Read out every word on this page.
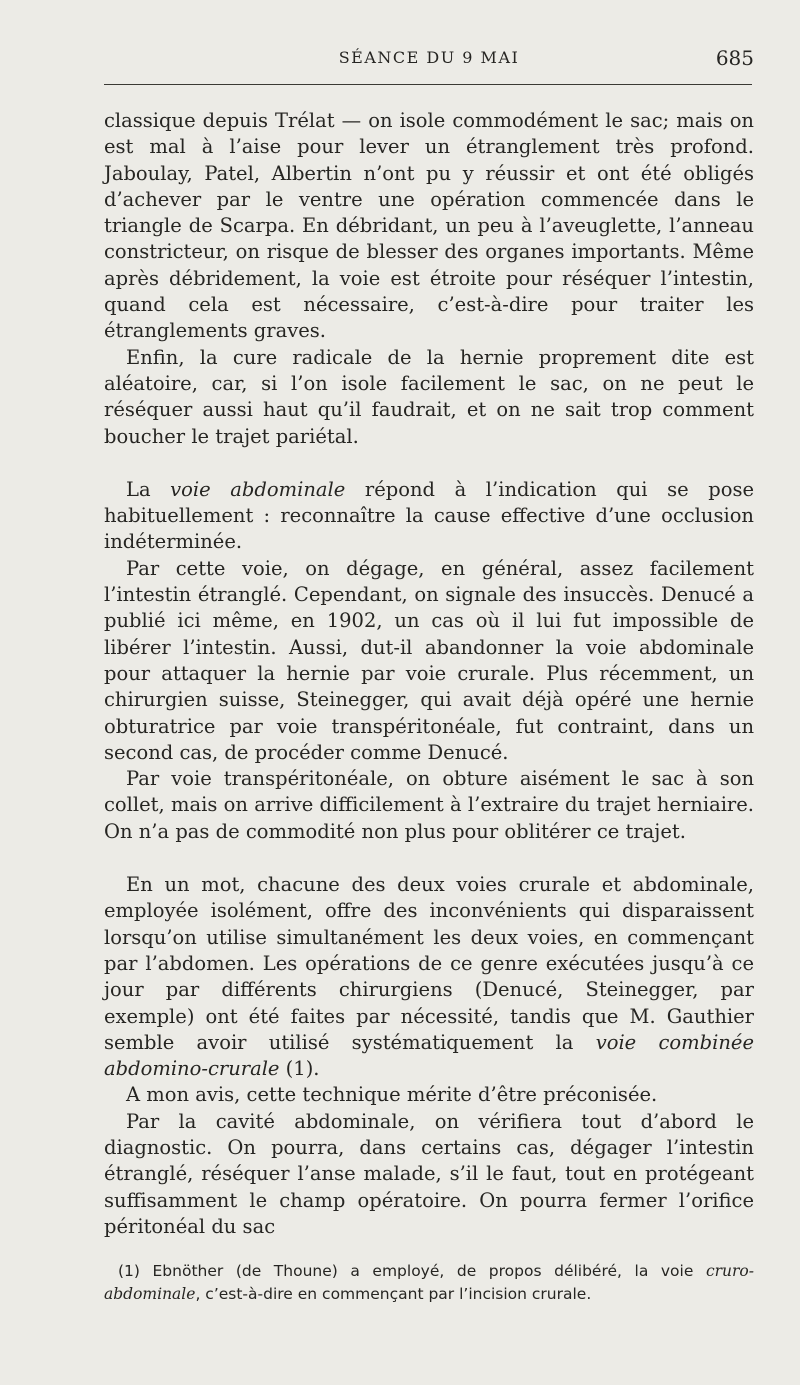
SÉANCE DU 9 MAI	685

classique depuis Trélat — on isole commodément le sac; mais on est mal à l’aise pour lever un étranglement très profond. Jaboulay, Patel, Albertin n’ont pu y réussir et ont été obligés d’achever par le ventre une opération commencée dans le triangle de Scarpa. En débridant, un peu à l’aveuglette, l’anneau constricteur, on risque de blesser des organes importants. Même après débridement, la voie est étroite pour réséquer l’intestin, quand cela est nécessaire, c’est-à-dire pour traiter les étranglements graves.

Enfin, la cure radicale de la hernie proprement dite est aléatoire, car, si l’on isole facilement le sac, on ne peut le réséquer aussi haut qu’il faudrait, et on ne sait trop comment boucher le trajet pariétal.

La voie abdominale répond à l’indication qui se pose habituellement : reconnaître la cause effective d’une occlusion indéterminée.

Par cette voie, on dégage, en général, assez facilement l’intestin étranglé. Cependant, on signale des insuccès. Denucé a publié ici même, en 1902, un cas où il lui fut impossible de libérer l’intestin. Aussi, dut-il abandonner la voie abdominale pour attaquer la hernie par voie crurale. Plus récemment, un chirurgien suisse, Steinegger, qui avait déjà opéré une hernie obturatrice par voie transpéritonéale, fut contraint, dans un second cas, de procéder comme Denucé.

Par voie transpéritonéale, on obture aisément le sac à son collet, mais on arrive difficilement à l’extraire du trajet herniaire. On n’a pas de commodité non plus pour oblitérer ce trajet.

En un mot, chacune des deux voies crurale et abdominale, employée isolément, offre des inconvénients qui disparaissent lorsqu’on utilise simultanément les deux voies, en commençant par l’abdomen. Les opérations de ce genre exécutées jusqu’à ce jour par différents chirurgiens (Denucé, Steinegger, par exemple) ont été faites par nécessité, tandis que M. Gauthier semble avoir utilisé systématiquement la voie combinée abdomino-crurale (1).

A mon avis, cette technique mérite d’être préconisée.

Par la cavité abdominale, on vérifiera tout d’abord le diagnostic. On pourra, dans certains cas, dégager l’intestin étranglé, réséquer l’anse malade, s’il le faut, tout en protégeant suffisamment le champ opératoire. On pourra fermer l’orifice péritonéal du sac

(1) Ebnöther (de Thoune) a employé, de propos délibéré, la voie cruro-abdominale, c’est-à-dire en commençant par l’incision crurale.
